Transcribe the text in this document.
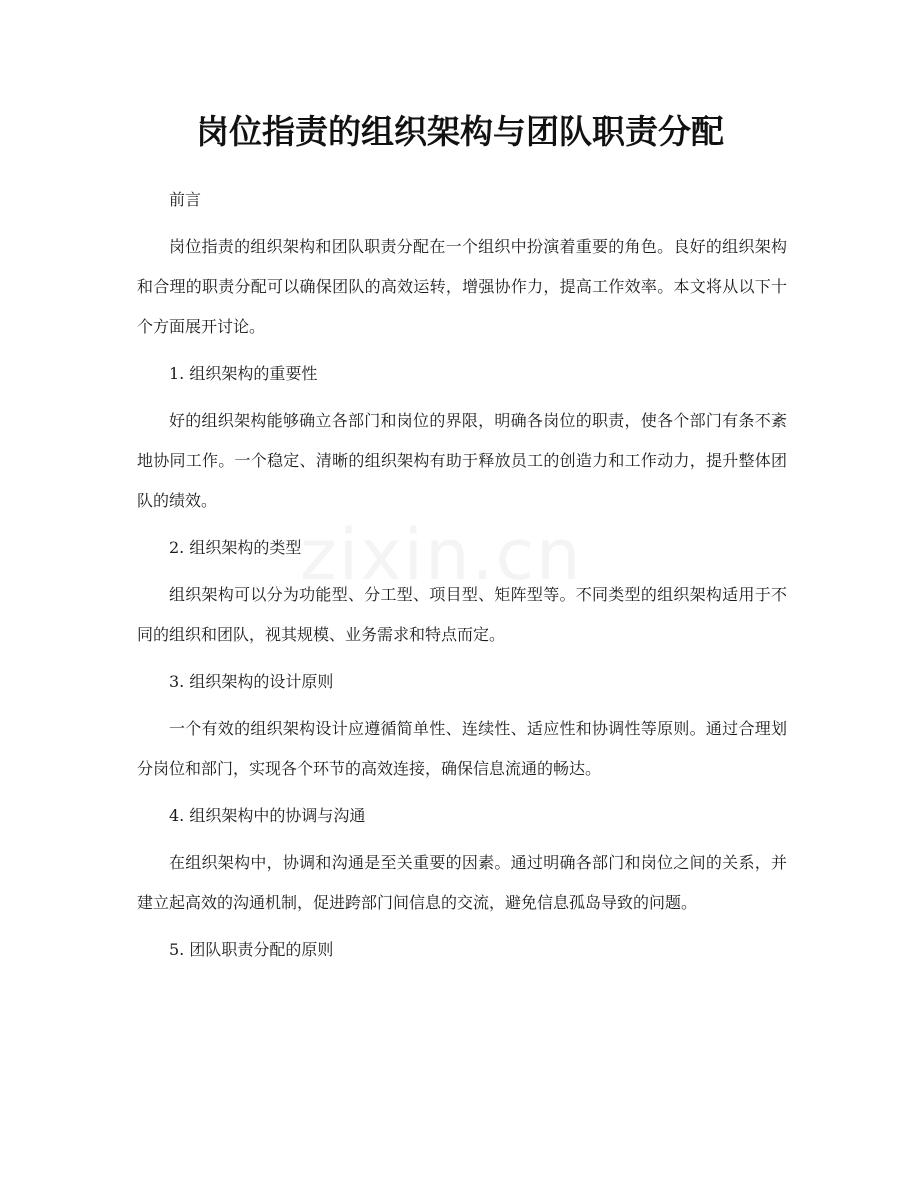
zixin.cn
岗位指责的组织架构与团队职责分配

前言

岗位指责的组织架构和团队职责分配在一个组织中扮演着重要的角色。良好的组织架构和合理的职责分配可以确保团队的高效运转，增强协作力，提高工作效率。本文将从以下十个方面展开讨论。

1. 组织架构的重要性

好的组织架构能够确立各部门和岗位的界限，明确各岗位的职责，使各个部门有条不紊地协同工作。一个稳定、清晰的组织架构有助于释放员工的创造力和工作动力，提升整体团队的绩效。

2. 组织架构的类型

组织架构可以分为功能型、分工型、项目型、矩阵型等。不同类型的组织架构适用于不同的组织和团队，视其规模、业务需求和特点而定。

3. 组织架构的设计原则

一个有效的组织架构设计应遵循简单性、连续性、适应性和协调性等原则。通过合理划分岗位和部门，实现各个环节的高效连接，确保信息流通的畅达。

4. 组织架构中的协调与沟通

在组织架构中，协调和沟通是至关重要的因素。通过明确各部门和岗位之间的关系，并建立起高效的沟通机制，促进跨部门间信息的交流，避免信息孤岛导致的问题。

5. 团队职责分配的原则
